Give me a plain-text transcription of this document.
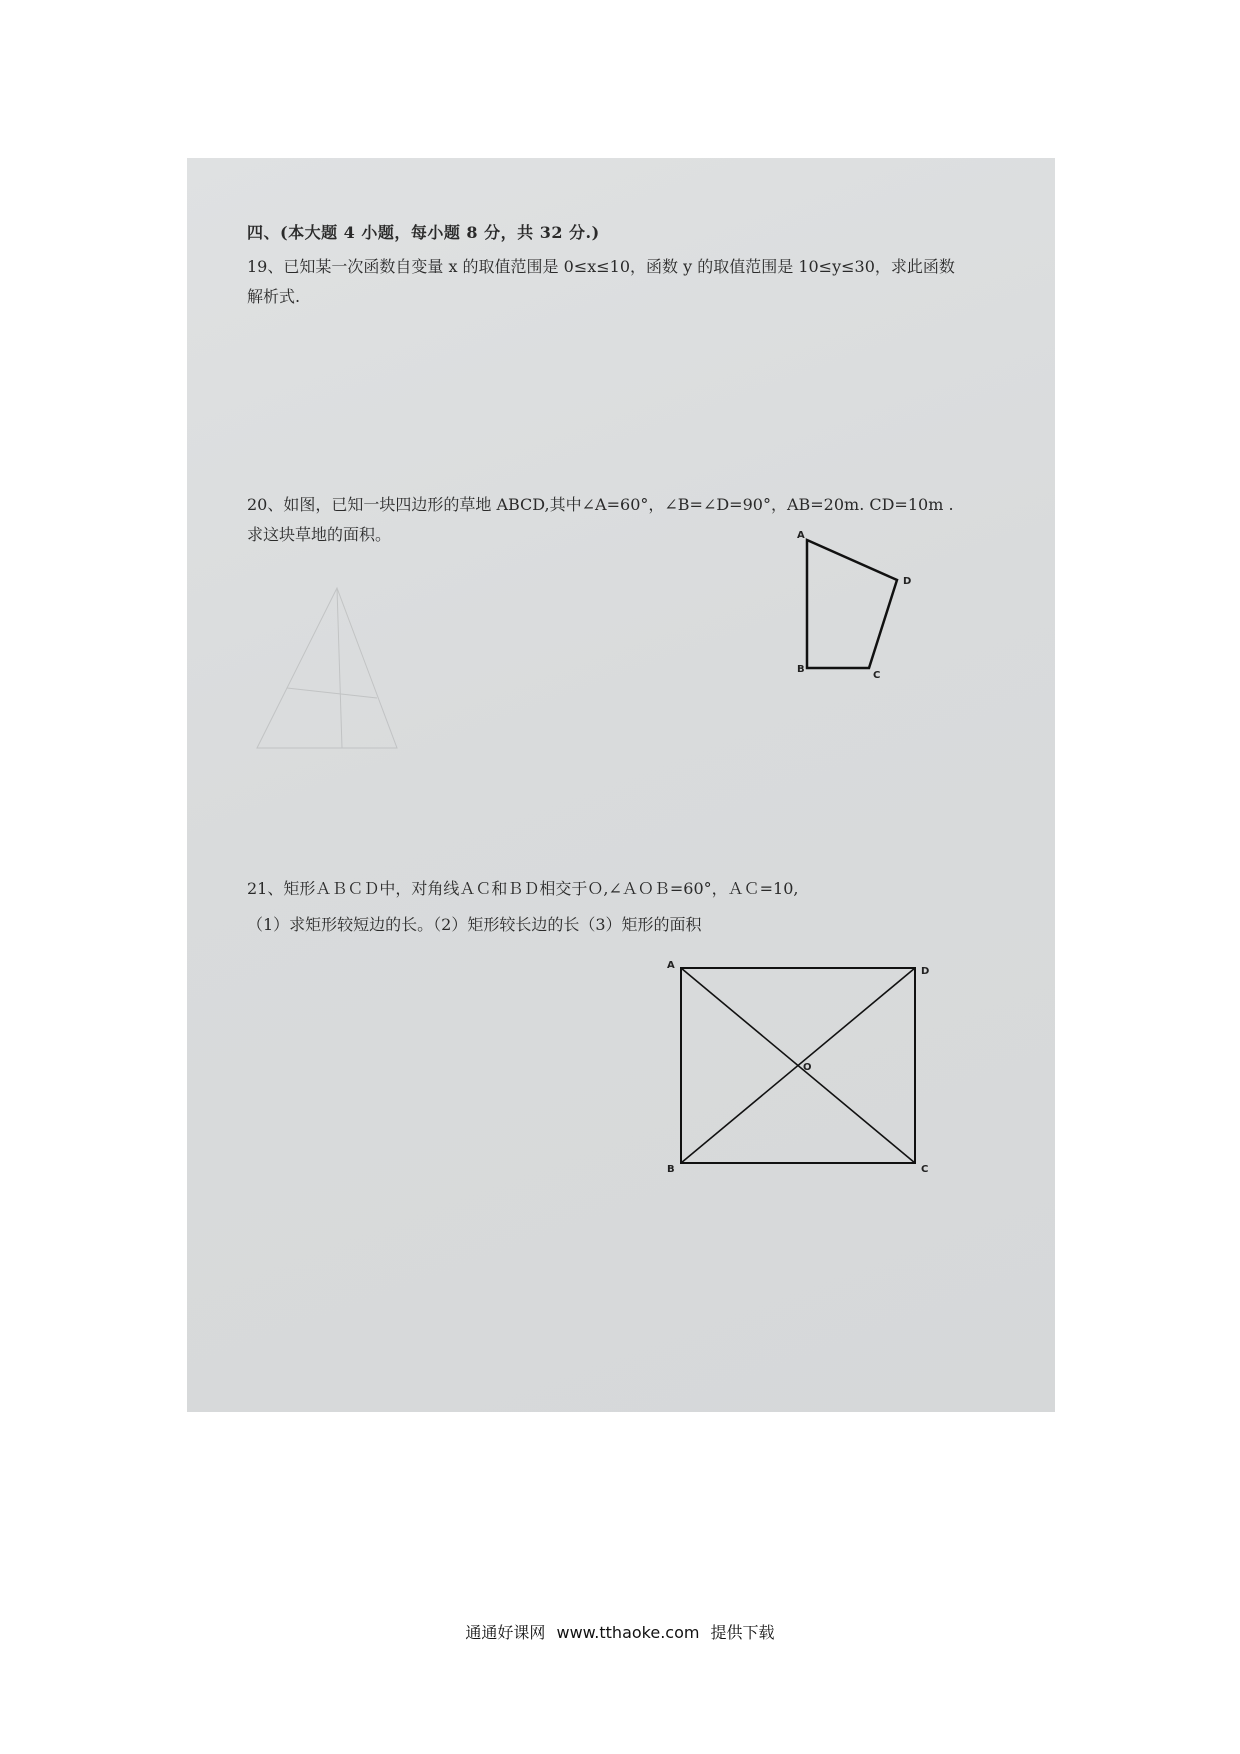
四、(本大题 4 小题，每小题 8 分，共 32 分.)
19、已知某一次函数自变量 x 的取值范围是 0≤x≤10，函数 y 的取值范围是 10≤y≤30，求此函数
解析式.
20、如图，已知一块四边形的草地 ABCD,其中∠A=60°，∠B=∠D=90°，AB=20m. CD=10m .
求这块草地的面积。	A
D
C
B
21、矩形ＡＢＣＤ中，对角线ＡＣ和ＢＤ相交于Ｏ,∠ＡＯＢ=60°，ＡＣ=10,
（1）求矩形较短边的长。（2）矩形较长边的长（3）矩形的面积
A
D
B	C
O
通通好课网 www.tthaoke.com 提供下载
